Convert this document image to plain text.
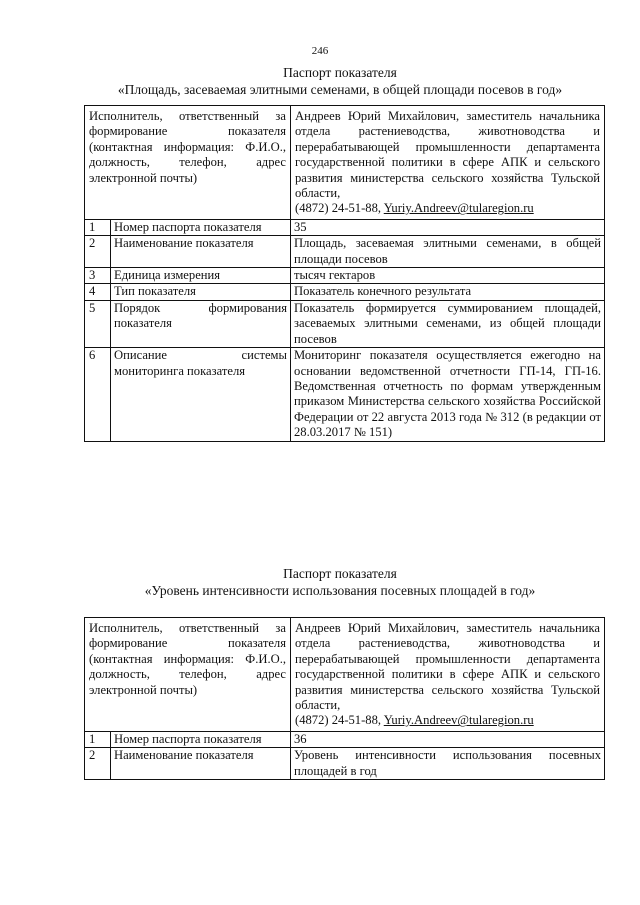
246
Паспорт показателя
«Площадь, засеваемая элитными семенами, в общей площади посевов в год»
Исполнитель, ответственный за формирование показателя (контактная информация: Ф.И.О., должность, телефон, адрес электронной почты)		Андреев Юрий Михайлович, заместитель начальника отдела растениеводства, животноводства и перерабатывающей промышленности департамента государственной политики в сфере АПК и сельского развития министерства сельского хозяйства Тульской области,
(4872) 24-51-88, Yuriy.Andreev@tularegion.ru

1	Номер паспорта показателя	35
2	Наименование показателя	Площадь, засеваемая элитными семенами, в общей площади посевов
3	Единица измерения	тысяч гектаров
4	Тип показателя	Показатель конечного результата
5	Порядок формирования показателя	Показатель формируется суммированием площадей, засеваемых элитными семенами, из общей площади посевов
6	Описание системы мониторинга показателя	Мониторинг показателя осуществляется ежегодно на основании ведомственной отчетности ГП-14, ГП-16. Ведомственная отчетность по формам утвержденным приказом Министерства сельского хозяйства Российской Федерации от 22 августа 2013 года № 312 (в редакции от 28.03.2017 № 151)
Паспорт показателя
«Уровень интенсивности использования посевных площадей в год»
Исполнитель, ответственный за формирование показателя (контактная информация: Ф.И.О., должность, телефон, адрес электронной почты)		Андреев Юрий Михайлович, заместитель начальника отдела растениеводства, животноводства и перерабатывающей промышленности департамента государственной политики в сфере АПК и сельского развития министерства сельского хозяйства Тульской области,
(4872) 24-51-88, Yuriy.Andreev@tularegion.ru

1	Номер паспорта показателя	36
2	Наименование показателя	Уровень интенсивности использования посевных площадей в год
